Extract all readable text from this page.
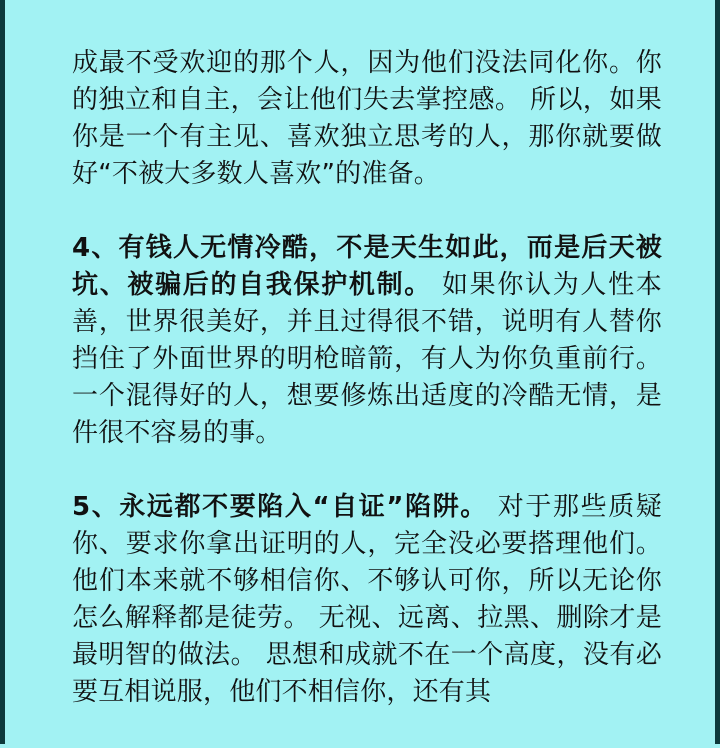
成最不受欢迎的那个人，因为他们没法同化你。你的独立和自主，会让他们失去掌控感。 所以，如果你是一个有主见、喜欢独立思考的人，那你就要做好“不被大多数人喜欢”的准备。

4、有钱人无情冷酷，不是天生如此，而是后天被坑、被骗后的自我保护机制。 如果你认为人性本善，世界很美好，并且过得很不错，说明有人替你挡住了外面世界的明枪暗箭，有人为你负重前行。 一个混得好的人，想要修炼出适度的冷酷无情，是件很不容易的事。

5、永远都不要陷入“自证”陷阱。 对于那些质疑你、要求你拿出证明的人，完全没必要搭理他们。 他们本来就不够相信你、不够认可你，所以无论你怎么解释都是徒劳。 无视、远离、拉黑、删除才是最明智的做法。 思想和成就不在一个高度，没有必要互相说服，他们不相信你，还有其
